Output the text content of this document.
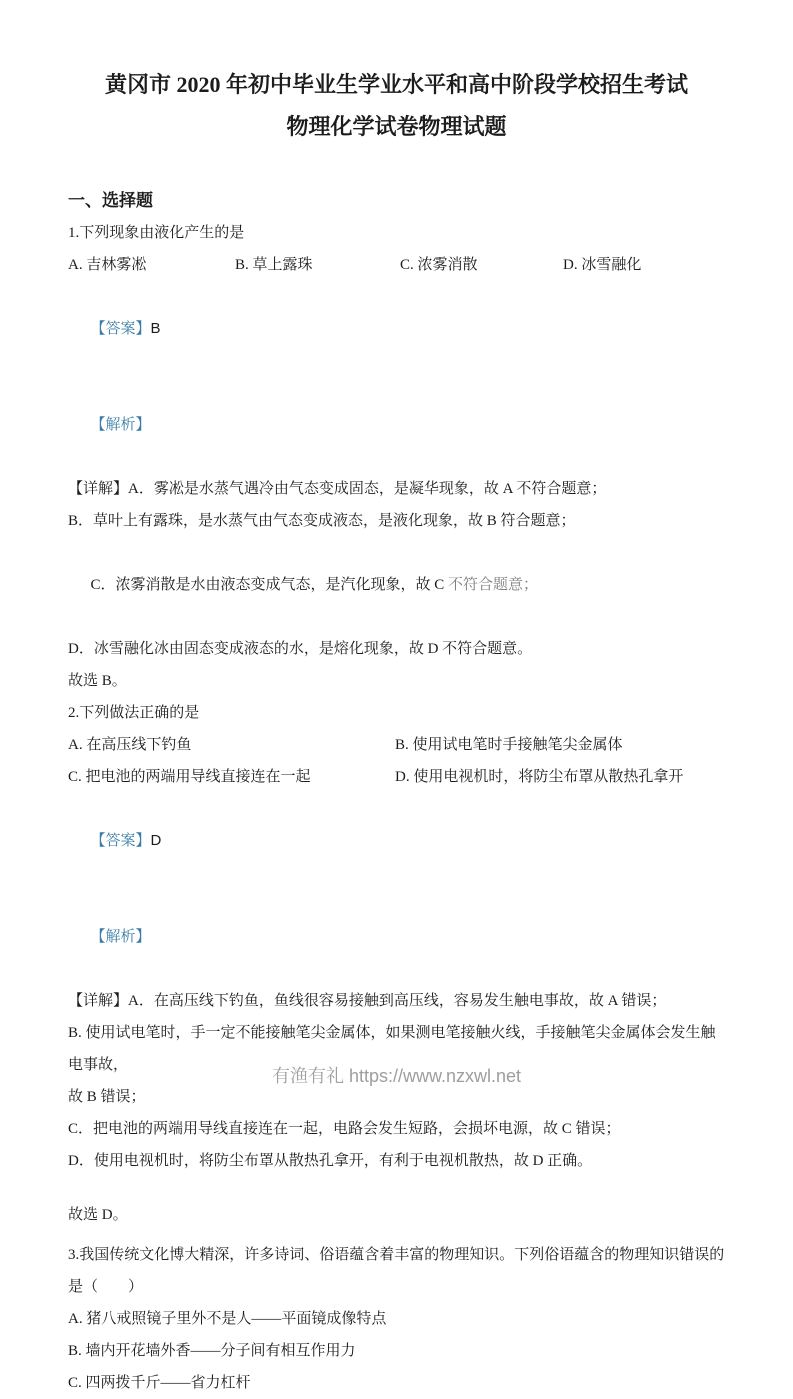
黄冈市 2020 年初中毕业生学业水平和高中阶段学校招生考试
物理化学试卷物理试题
一、选择题
1.下列现象由液化产生的是
A. 吉林雾凇	B. 草上露珠	C. 浓雾消散	D. 冰雪融化

【答案】B

【解析】

【详解】A．雾凇是水蒸气遇冷由气态变成固态，是凝华现象，故 A 不符合题意；
B．草叶上有露珠，是水蒸气由气态变成液态，是液化现象，故 B 符合题意；

C．浓雾消散是水由液态变成气态，是汽化现象，故 C 不符合题意；

D．冰雪融化冰由固态变成液态的水，是熔化现象，故 D 不符合题意。
故选 B。
2.下列做法正确的是
A. 在高压线下钓鱼	B. 使用试电笔时手接触笔尖金属体
C. 把电池的两端用导线直接连在一起	D. 使用电视机时，将防尘布罩从散热孔拿开

【答案】D

【解析】

【详解】A．在高压线下钓鱼，鱼线很容易接触到高压线，容易发生触电事故，故 A 错误；
B. 使用试电笔时，手一定不能接触笔尖金属体，如果测电笔接触火线，手接触笔尖金属体会发生触电事故，
故 B 错误；
C．把电池的两端用导线直接连在一起，电路会发生短路，会损坏电源，故 C 错误；
D．使用电视机时，将防尘布罩从散热孔拿开，有利于电视机散热，故 D 正确。
故选 D。
3.我国传统文化博大精深，许多诗词、俗语蕴含着丰富的物理知识。下列俗语蕴含的物理知识错误的是（　　）
A. 猪八戒照镜子里外不是人——平面镜成像特点
B. 墙内开花墙外香——分子间有相互作用力
C. 四两拨千斤——省力杠杆
有渔有礼 https://www.nzxwl.net
